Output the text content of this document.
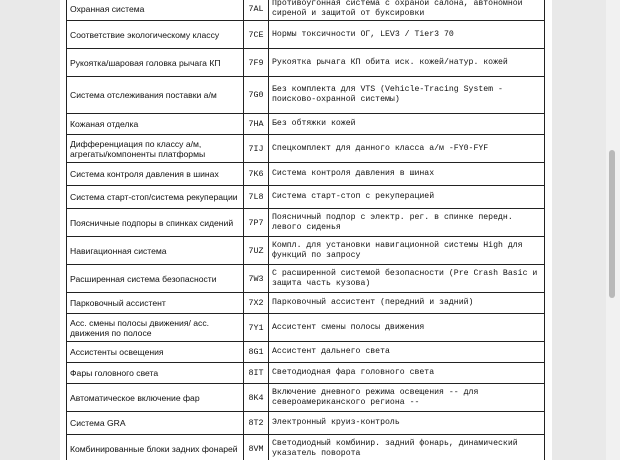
Охранная система	7AL	Противоугонная система с охраной салона, автономной сиреной и защитой от буксировки
Соответствие экологическому классу	7CE	Нормы токсичности ОГ, LEV3 / Tier3 70
Рукоятка/шаровая головка рычага КП	7F9	Рукоятка рычага КП обита иск. кожей/натур. кожей
Система отслеживания поставки а/м	7G0	Без комплекта для VTS (Vehicle-Tracing System - поисково-охранной системы)
Кожаная отделка	7HA	Без обтяжки кожей
Дифференциация по классу а/м, агрегаты/компоненты платформы	7IJ	Спецкомплект для данного класса а/м -FY0-FYF
Система контроля давления в шинах	7K6	Система контроля давления в шинах
Система старт-стоп/система рекуперации	7L8	Система старт-стоп с рекуперацией
Поясничные подпоры в спинках сидений	7P7	Поясничный подпор с электр. рег. в спинке передн. левого сиденья
Навигационная система	7UZ	Компл. для установки навигационной системы High для функций по запросу
Расширенная система безопасности	7W3	С расширенной системой безопасности (Pre Crash Basic и защита часть кузова)
Парковочный ассистент	7X2	Парковочный ассистент (передний и задний)
Асс. смены полосы движения/ асс. движения по полосе	7Y1	Ассистент смены полосы движения
Ассистенты освещения	8G1	Ассистент дальнего света
Фары головного света	8IT	Светодиодная фара головного света
Автоматическое включение фар	8K4	Включение дневного режима освещения -- для североамериканского региона --
Система GRA	8T2	Электронный круиз-контроль
Комбинированные блоки задних фонарей	8VM	Светодиодный комбинир. задний фонарь, динамический указатель поворота
